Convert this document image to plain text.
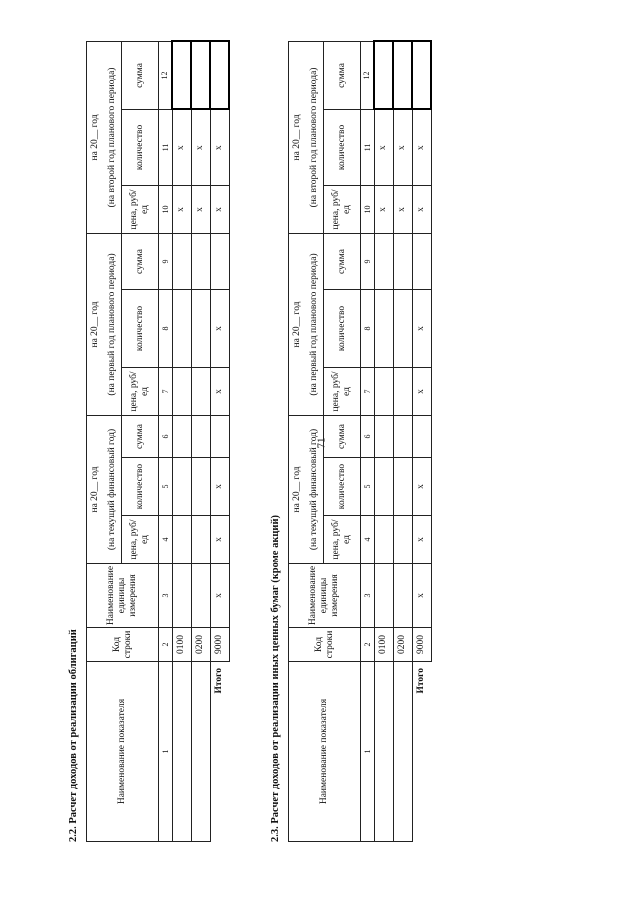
71
2.2. Расчет доходов от реализации облигаций	Наименование показателя	Код строки	Наименование единицы измерения	на 20__ год			на 20__ год			на 20__ год		
			(на текущий финансовый год)			(на первый год планового периода)			(на второй год планового периода)		
			цена, руб/ед	количество	сумма	цена, руб/ед	количество	сумма	цена, руб/ед	количество	сумма
1	2	3	4	5	6	7	8	9	10	11	12
	0100								x	x	
	0200								x	x	
Итого	9000	x	x	x		x	x		x	x	
2.3. Расчет доходов от реализации иных ценных бумаг (кроме акций)	Наименование показателя	Код строки	Наименование единицы измерения	на 20__ год			на 20__ год			на 20__ год		
			(на текущий финансовый год)			(на первый год планового периода)			(на второй год планового периода)		
			цена, руб/ед	количество	сумма	цена, руб/ед	количество	сумма	цена, руб/ед	количество	сумма
1	2	3	4	5	6	7	8	9	10	11	12
	0100								x	x	
	0200								x	x	
Итого	9000	x	x	x		x	x		x	x	
